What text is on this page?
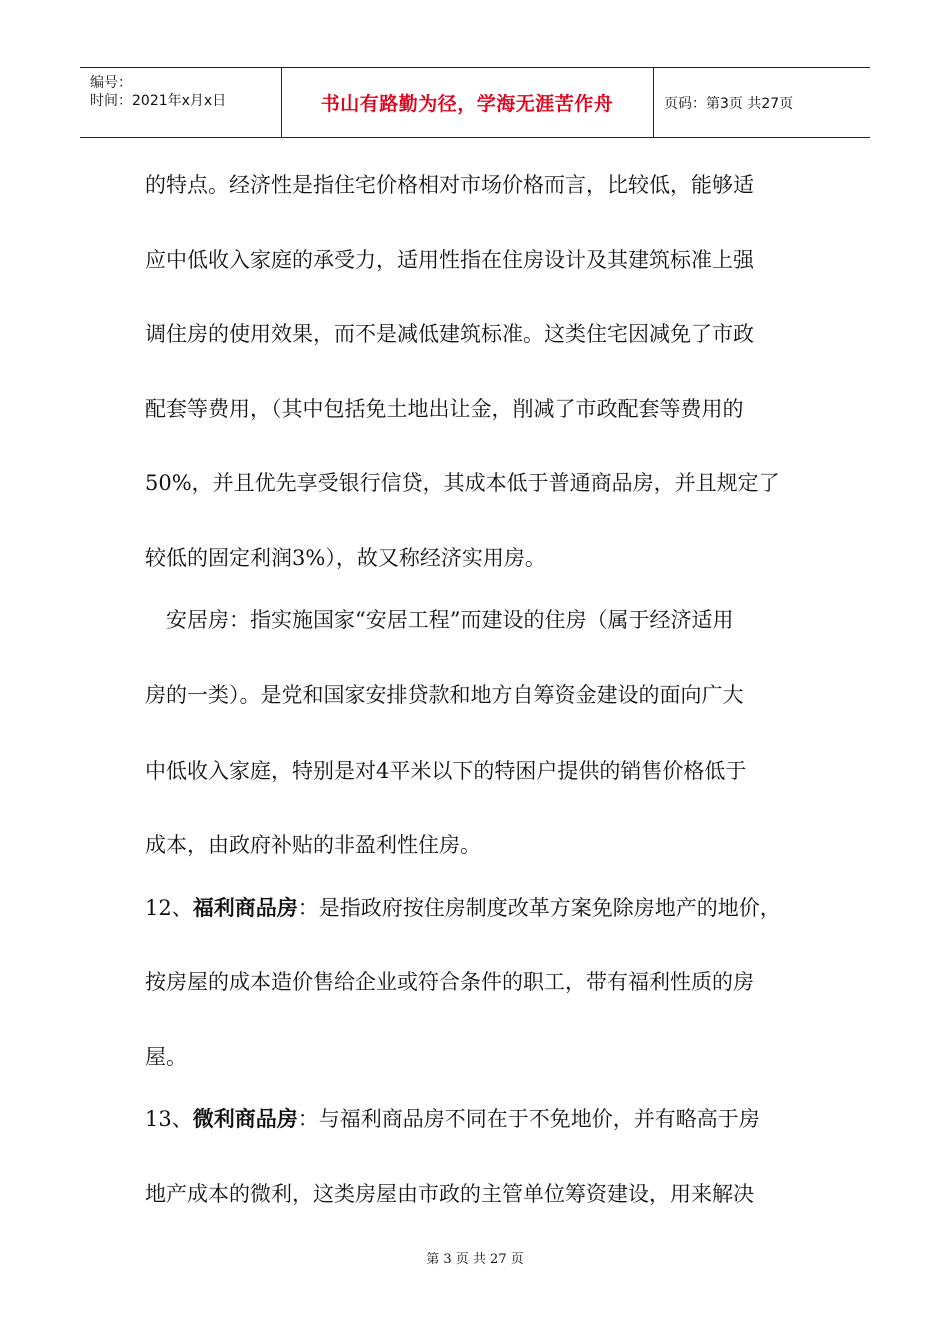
编号：
时间：2021年x月x日	书山有路勤为径，学海无涯苦作舟	页码：第3页 共27页
的特点。经济性是指住宅价格相对市场价格而言，比较低，能够适
应中低收入家庭的承受力，适用性指在住房设计及其建筑标准上强
调住房的使用效果，而不是减低建筑标准。这类住宅因减免了市政
配套等费用，（其中包括免土地出让金，削减了市政配套等费用的
50%，并且优先享受银行信贷，其成本低于普通商品房，并且规定了
较低的固定利润3%），故又称经济实用房。
　安居房：指实施国家“安居工程”而建设的住房（属于经济适用
房的一类）。是党和国家安排贷款和地方自筹资金建设的面向广大
中低收入家庭，特别是对4平米以下的特困户提供的销售价格低于
成本，由政府补贴的非盈利性住房。
12、福利商品房：是指政府按住房制度改革方案免除房地产的地价，
按房屋的成本造价售给企业或符合条件的职工，带有福利性质的房
屋。
13、微利商品房：与福利商品房不同在于不免地价，并有略高于房
地产成本的微利，这类房屋由市政的主管单位筹资建设，用来解决
第 3 页 共 27 页
